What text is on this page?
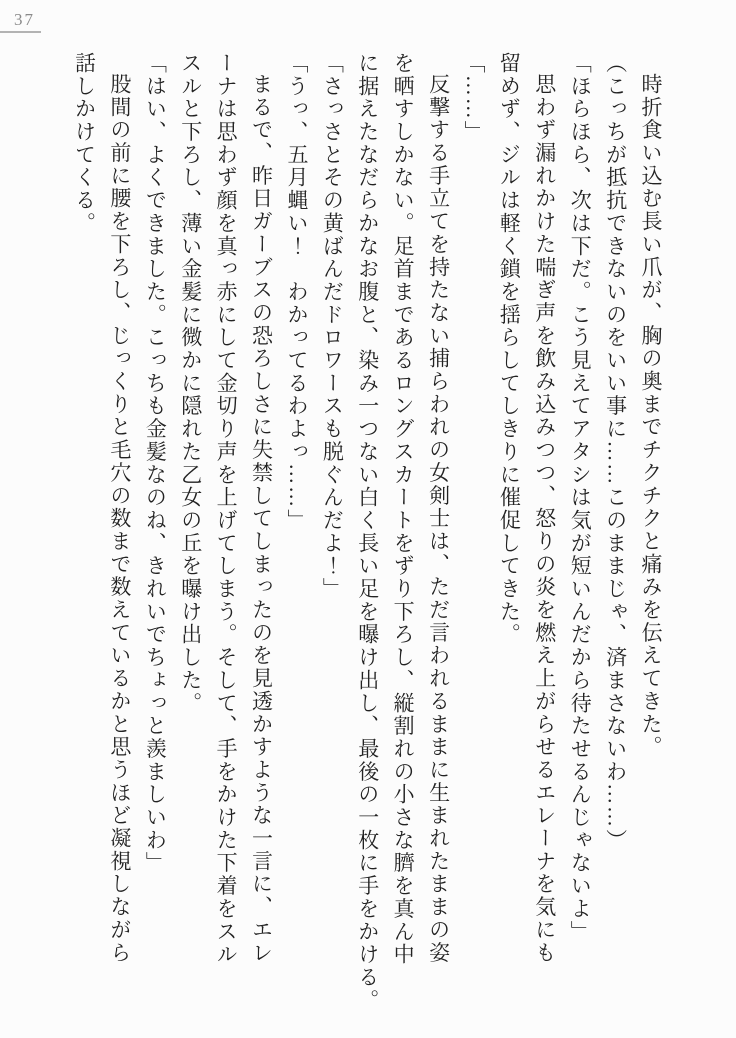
37

時折食い込む長い爪が、胸の奥までチクチクと痛みを伝えてきた。

（こっちが抵抗できないのをいい事に……このままじゃ、済まさないわ……）

「ほらほら、次は下だ。こう見えてアタシは気が短いんだから待たせるんじゃないよ」

思わず漏れかけた喘ぎ声を飲み込みつつ、怒りの炎を燃え上がらせるエレーナを気にも

留めず、ジルは軽く鎖を揺らしてしきりに催促してきた。

「……」

反撃する手立てを持たない捕らわれの女剣士は、ただ言われるままに生まれたままの姿

を晒すしかない。足首まであるロングスカートをずり下ろし、縦割れの小さな臍を真ん中

に据えたなだらかなお腹と、染み一つない白く長い足を曝け出し、最後の一枚に手をかける。

「さっさとその黄ばんだドロワースも脱ぐんだよ！」

「うっ、五月蝿い！　わかってるわよっ……」

まるで、昨日ガーブスの恐ろしさに失禁してしまったのを見透かすような一言に、エレ

ーナは思わず顔を真っ赤にして金切り声を上げてしまう。そして、手をかけた下着をスル

スルと下ろし、薄い金髪に微かに隠れた乙女の丘を曝け出した。

「はい、よくできました。こっちも金髪なのね、きれいでちょっと羨ましいわ」

股間の前に腰を下ろし、じっくりと毛穴の数まで数えているかと思うほど凝視しながら

話しかけてくる。
